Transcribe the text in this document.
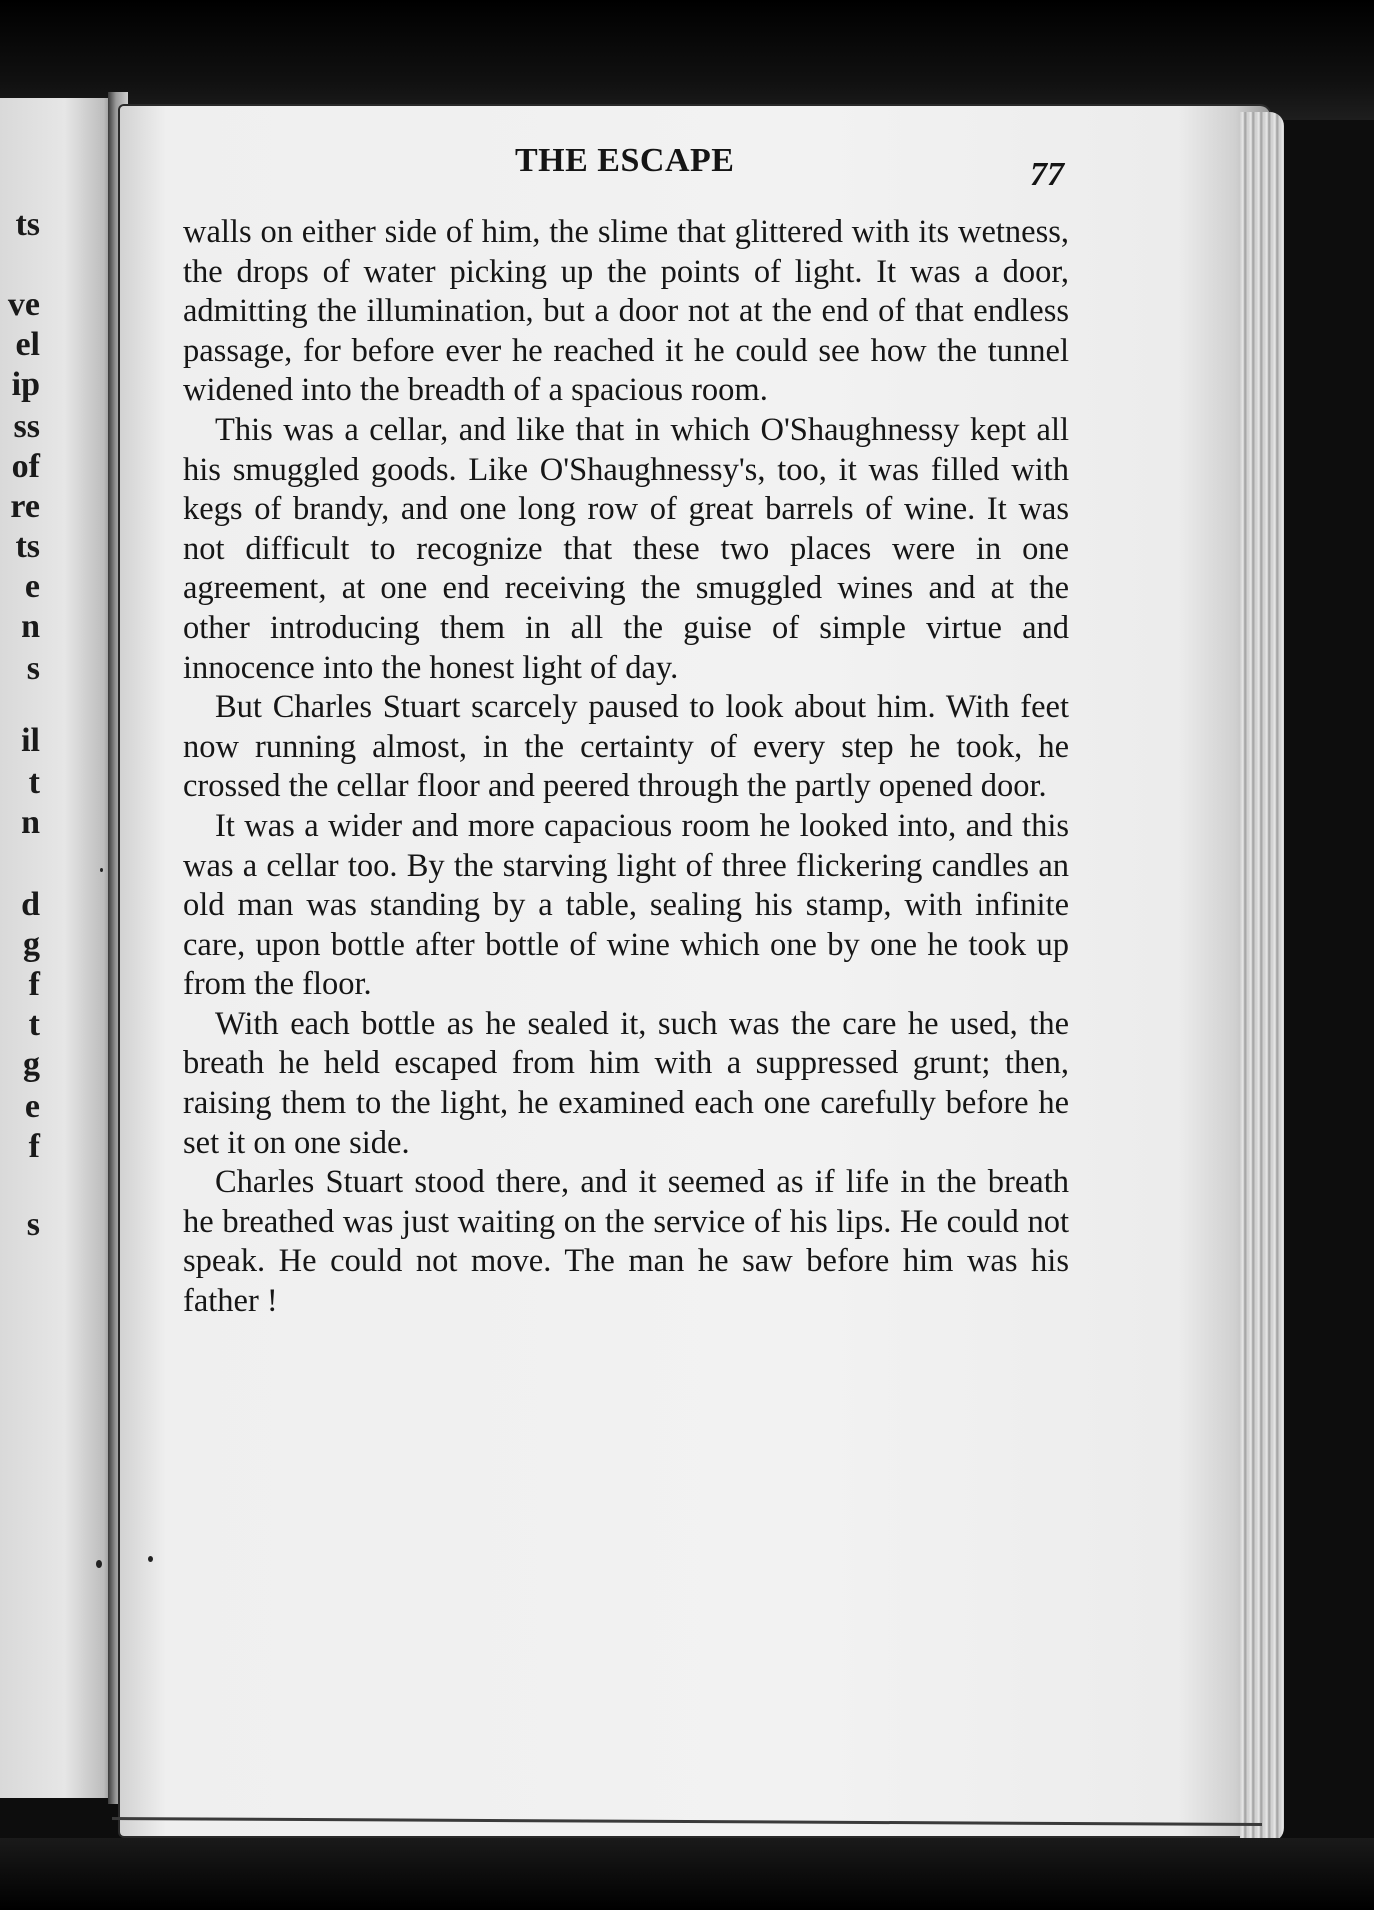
ts
ve
el
ip
ss
of
re
ts
e
n
s
il
t
n
d
g
f
t
g
e
f
s
THE ESCAPE	77

walls on either side of him, the slime that glittered with its wetness, the drops of water picking up the points of light. It was a door, admitting the illumination, but a door not at the end of that endless passage, for before ever he reached it he could see how the tunnel widened into the breadth of a spacious room.

This was a cellar, and like that in which O'Shaughnessy kept all his smuggled goods. Like O'Shaughnessy's, too, it was filled with kegs of brandy, and one long row of great barrels of wine. It was not difficult to recognize that these two places were in one agreement, at one end receiving the smuggled wines and at the other introducing them in all the guise of simple virtue and innocence into the honest light of day.

But Charles Stuart scarcely paused to look about him. With feet now running almost, in the certainty of every step he took, he crossed the cellar floor and peered through the partly opened door.

It was a wider and more capacious room he looked into, and this was a cellar too. By the starving light of three flickering candles an old man was standing by a table, sealing his stamp, with infinite care, upon bottle after bottle of wine which one by one he took up from the floor.

With each bottle as he sealed it, such was the care he used, the breath he held escaped from him with a suppressed grunt; then, raising them to the light, he examined each one carefully before he set it on one side.

Charles Stuart stood there, and it seemed as if life in the breath he breathed was just waiting on the service of his lips. He could not speak. He could not move. The man he saw before him was his father !
